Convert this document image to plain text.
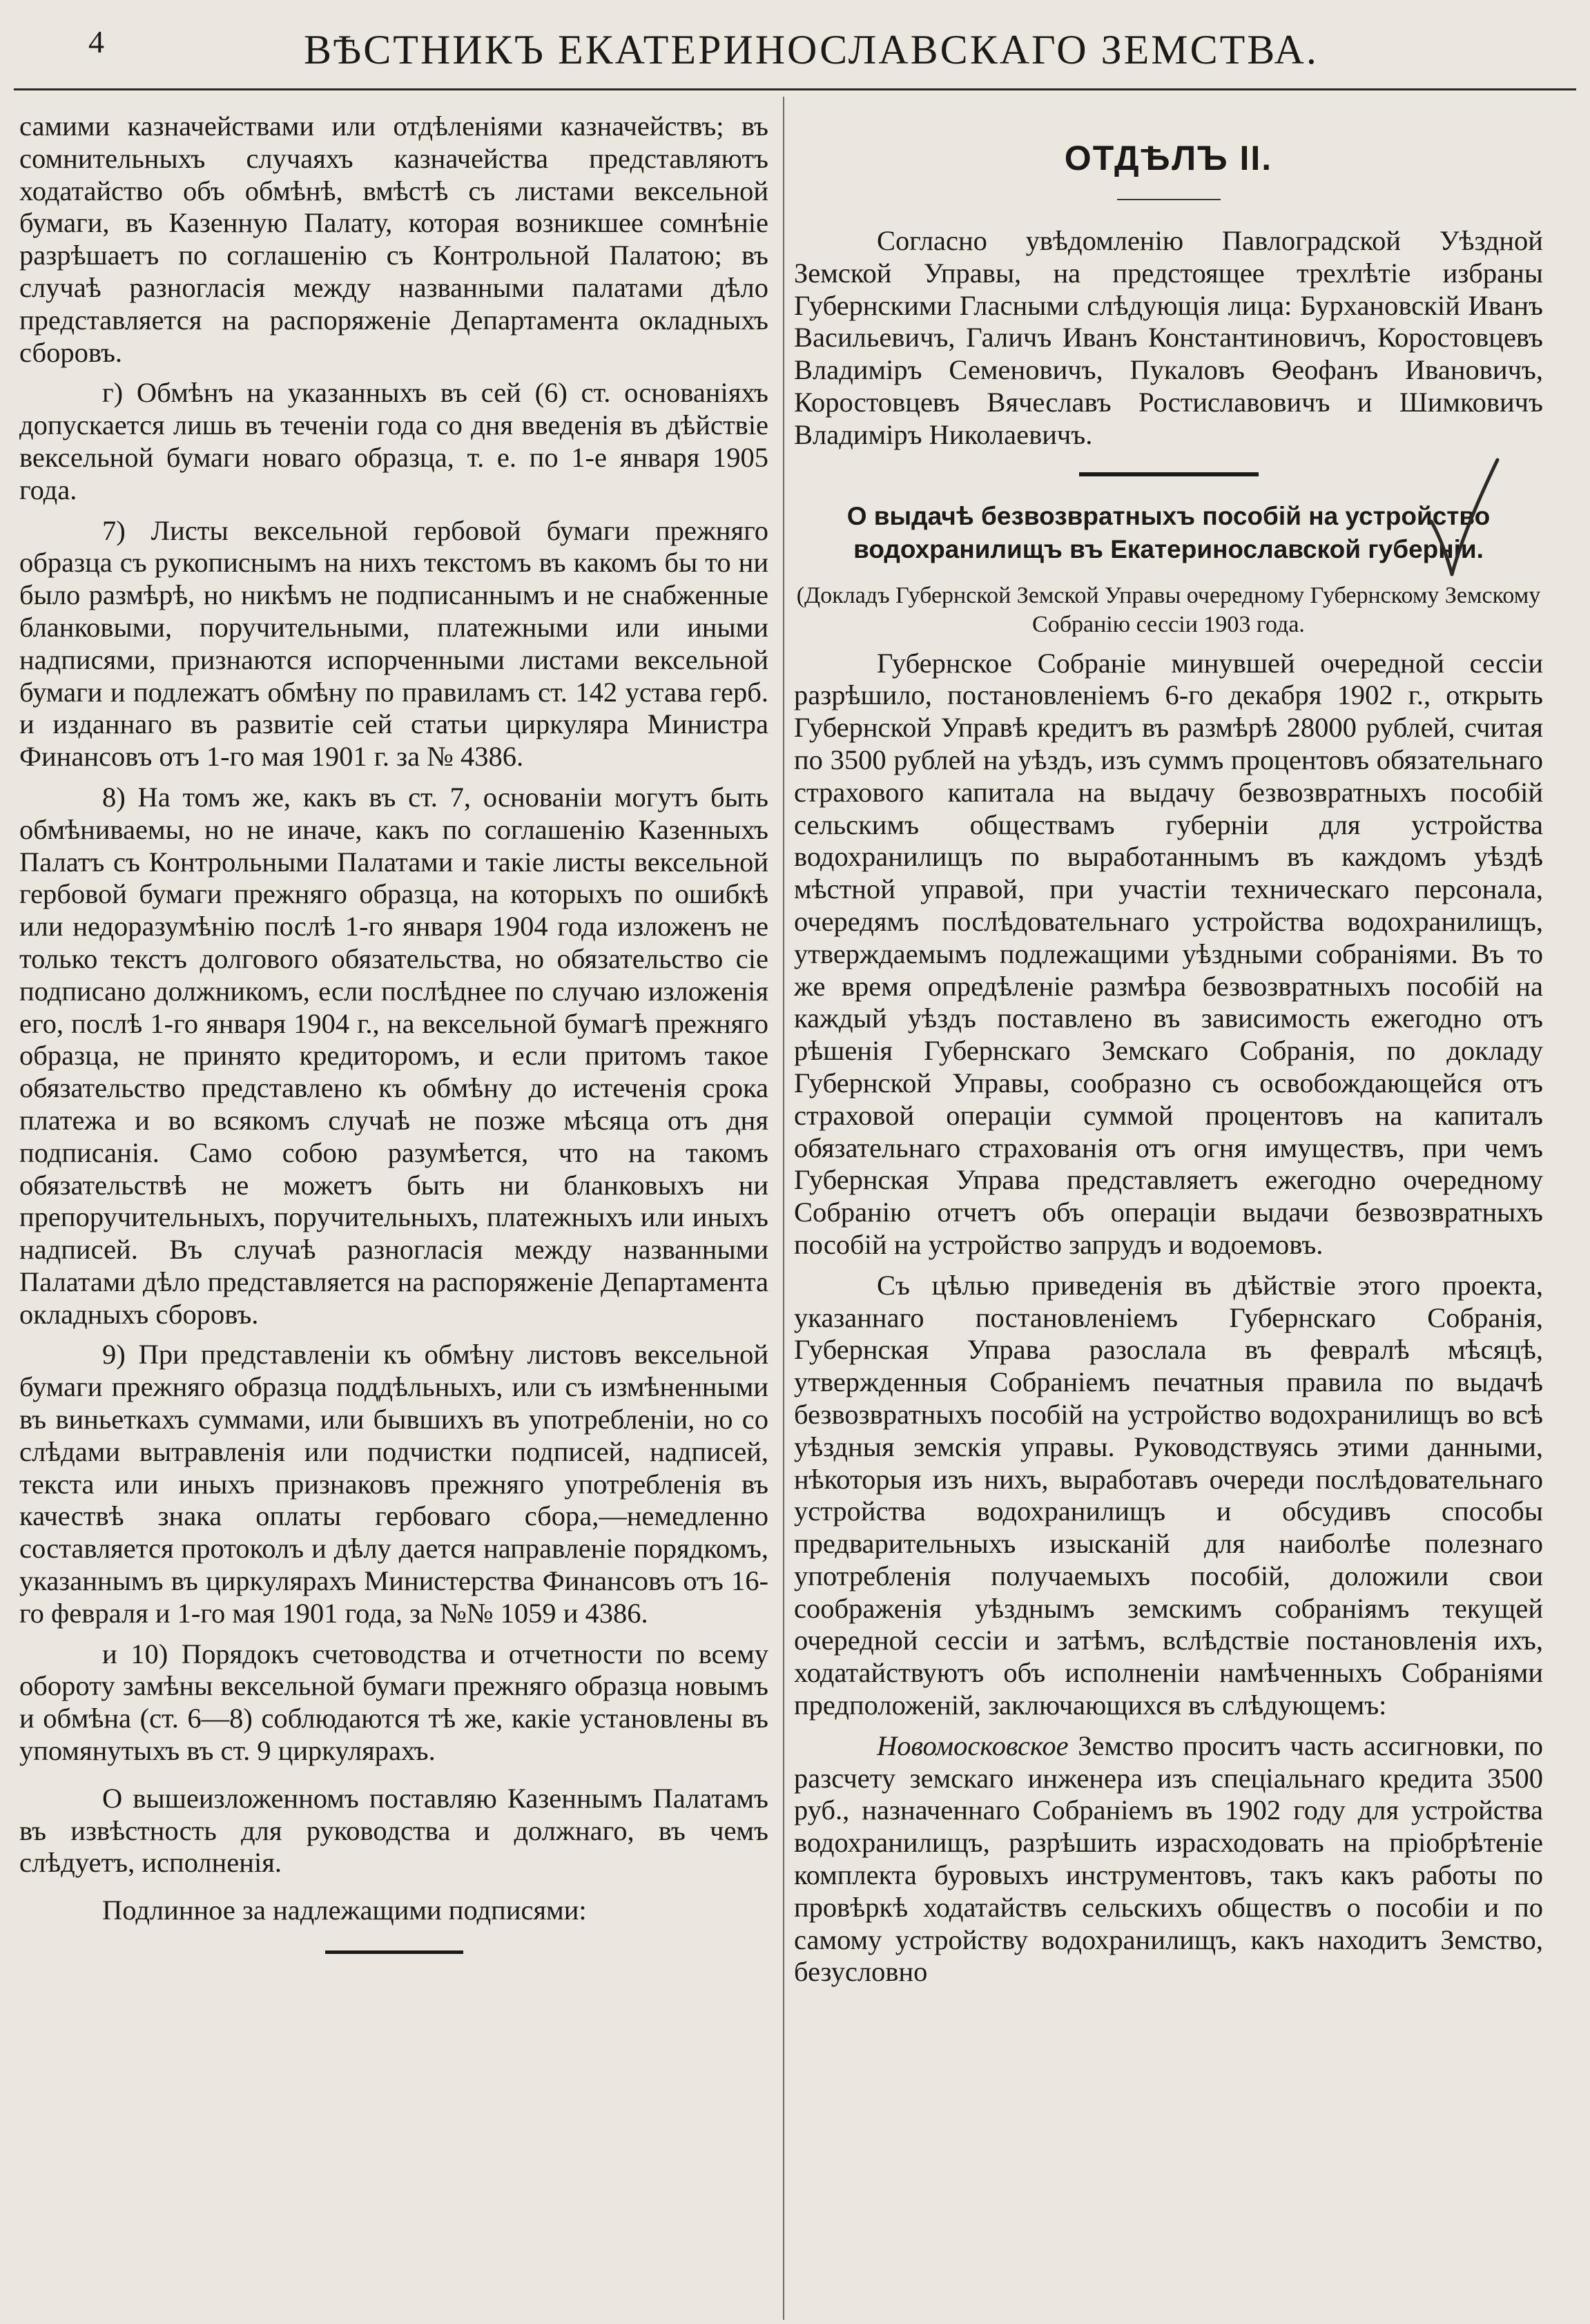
4	ВѢСТНИКЪ ЕКАТЕРИНОСЛАВСКАГО ЗЕМСТВА.

самими казначействами или отдѣленіями казначействъ; въ сомнительныхъ случаяхъ казначейства представляютъ ходатайство объ обмѣнѣ, вмѣстѣ съ листами вексельной бумаги, въ Казенную Палату, которая возникшее сомнѣніе разрѣшаетъ по соглашенію съ Контрольной Палатою; въ случаѣ разногласія между названными палатами дѣло представляется на распоряженіе Департамента окладныхъ сборовъ.

г) Обмѣнъ на указанныхъ въ сей (6) ст. основаніяхъ допускается лишь въ теченіи года со дня введенія въ дѣйствіе вексельной бумаги новаго образца, т. е. по 1-е января 1905 года.

7) Листы вексельной гербовой бумаги прежняго образца съ рукописнымъ на нихъ текстомъ въ какомъ бы то ни было размѣрѣ, но никѣмъ не подписаннымъ и не снабженные бланковыми, поручительными, платежными или иными надписями, признаются испорченными листами вексельной бумаги и подлежатъ обмѣну по правиламъ ст. 142 устава герб. и изданнаго въ развитіе сей статьи циркуляра Министра Финансовъ отъ 1-го мая 1901 г. за № 4386.

8) На томъ же, какъ въ ст. 7, основаніи могутъ быть обмѣниваемы, но не иначе, какъ по соглашенію Казенныхъ Палатъ съ Контрольными Палатами и такіе листы вексельной гербовой бумаги прежняго образца, на которыхъ по ошибкѣ или недоразумѣнію послѣ 1-го января 1904 года изложенъ не только текстъ долгового обязательства, но обязательство сіе подписано должникомъ, если послѣднее по случаю изложенія его, послѣ 1-го января 1904 г., на вексельной бумагѣ прежняго образца, не принято кредиторомъ, и если притомъ такое обязательство представлено къ обмѣну до истеченія срока платежа и во всякомъ случаѣ не позже мѣсяца отъ дня подписанія. Само собою разумѣется, что на такомъ обязательствѣ не можетъ быть ни бланковыхъ ни препоручительныхъ, поручительныхъ, платежныхъ или иныхъ надписей. Въ случаѣ разногласія между названными Палатами дѣло представляется на распоряженіе Департамента окладныхъ сборовъ.

9) При представленіи къ обмѣну листовъ вексельной бумаги прежняго образца поддѣльныхъ, или съ измѣненными въ виньеткахъ суммами, или бывшихъ въ употребленіи, но со слѣдами вытравленія или подчистки подписей, надписей, текста или иныхъ признаковъ прежняго употребленія въ качествѣ знака оплаты гербоваго сбора,—немедленно составляется протоколъ и дѣлу дается направленіе порядкомъ, указаннымъ въ циркулярахъ Министерства Финансовъ отъ 16-го февраля и 1-го мая 1901 года, за №№ 1059 и 4386.

и 10) Порядокъ счетоводства и отчетности по всему обороту замѣны вексельной бумаги прежняго образца новымъ и обмѣна (ст. 6—8) соблюдаются тѣ же, какіе установлены въ упомянутыхъ въ ст. 9 циркулярахъ.

О вышеизложенномъ поставляю Казеннымъ Палатамъ въ извѣстность для руководства и должнаго, въ чемъ слѣдуетъ, исполненія.

Подлинное за надлежащими подписями:

ОТДѢЛЪ II.

Согласно увѣдомленію Павлоградской Уѣздной Земской Управы, на предстоящее трехлѣтіе избраны Губернскими Гласными слѣдующія лица: Бурхановскій Иванъ Васильевичъ, Галичъ Иванъ Константиновичъ, Коростовцевъ Владиміръ Семеновичъ, Пукаловъ Ѳеофанъ Ивановичъ, Коростовцевъ Вячеславъ Ростиславовичъ и Шимковичъ Владиміръ Николаевичъ.

О выдачѣ безвозвратныхъ пособій на устройство водохранилищъ въ Екатеринославской губерніи.

(Докладъ Губернской Земской Управы очередному Губернскому Земскому Собранію сессіи 1903 года.

Губернское Собраніе минувшей очередной сессіи разрѣшило, постановленіемъ 6-го декабря 1902 г., открыть Губернской Управѣ кредитъ въ размѣрѣ 28000 рублей, считая по 3500 рублей на уѣздъ, изъ суммъ процентовъ обязательнаго страхового капитала на выдачу безвозвратныхъ пособій сельскимъ обществамъ губерніи для устройства водохранилищъ по выработаннымъ въ каждомъ уѣздѣ мѣстной управой, при участіи техническаго персонала, очередямъ послѣдовательнаго устройства водохранилищъ, утверждаемымъ подлежащими уѣздными собраніями. Въ то же время опредѣленіе размѣра безвозвратныхъ пособій на каждый уѣздъ поставлено въ зависимость ежегодно отъ рѣшенія Губернскаго Земскаго Собранія, по докладу Губернской Управы, сообразно съ освобождающейся отъ страховой операціи суммой процентовъ на капиталъ обязательнаго страхованія отъ огня имуществъ, при чемъ Губернская Управа представляетъ ежегодно очередному Собранію отчетъ объ операціи выдачи безвозвратныхъ пособій на устройство запрудъ и водоемовъ.

Съ цѣлью приведенія въ дѣйствіе этого проекта, указаннаго постановленіемъ Губернскаго Собранія, Губернская Управа разослала въ февралѣ мѣсяцѣ, утвержденныя Собраніемъ печатныя правила по выдачѣ безвозвратныхъ пособій на устройство водохранилищъ во всѣ уѣздныя земскія управы. Руководствуясь этими данными, нѣкоторыя изъ нихъ, выработавъ очереди послѣдовательнаго устройства водохранилищъ и обсудивъ способы предварительныхъ изысканій для наиболѣе полезнаго употребленія получаемыхъ пособій, доложили свои соображенія уѣзднымъ земскимъ собраніямъ текущей очередной сессіи и затѣмъ, вслѣдствіе постановленія ихъ, ходатайствуютъ объ исполненіи намѣченныхъ Собраніями предположеній, заключающихся въ слѣдующемъ:

Новомосковское Земство проситъ часть ассигновки, по разсчету земскаго инженера изъ спеціальнаго кредита 3500 руб., назначеннаго Собраніемъ въ 1902 году для устройства водохранилищъ, разрѣшить израсходовать на пріобрѣтеніе комплекта буровыхъ инструментовъ, такъ какъ работы по провѣркѣ ходатайствъ сельскихъ обществъ о пособіи и по самому устройству водохранилищъ, какъ находитъ Земство, безусловно
